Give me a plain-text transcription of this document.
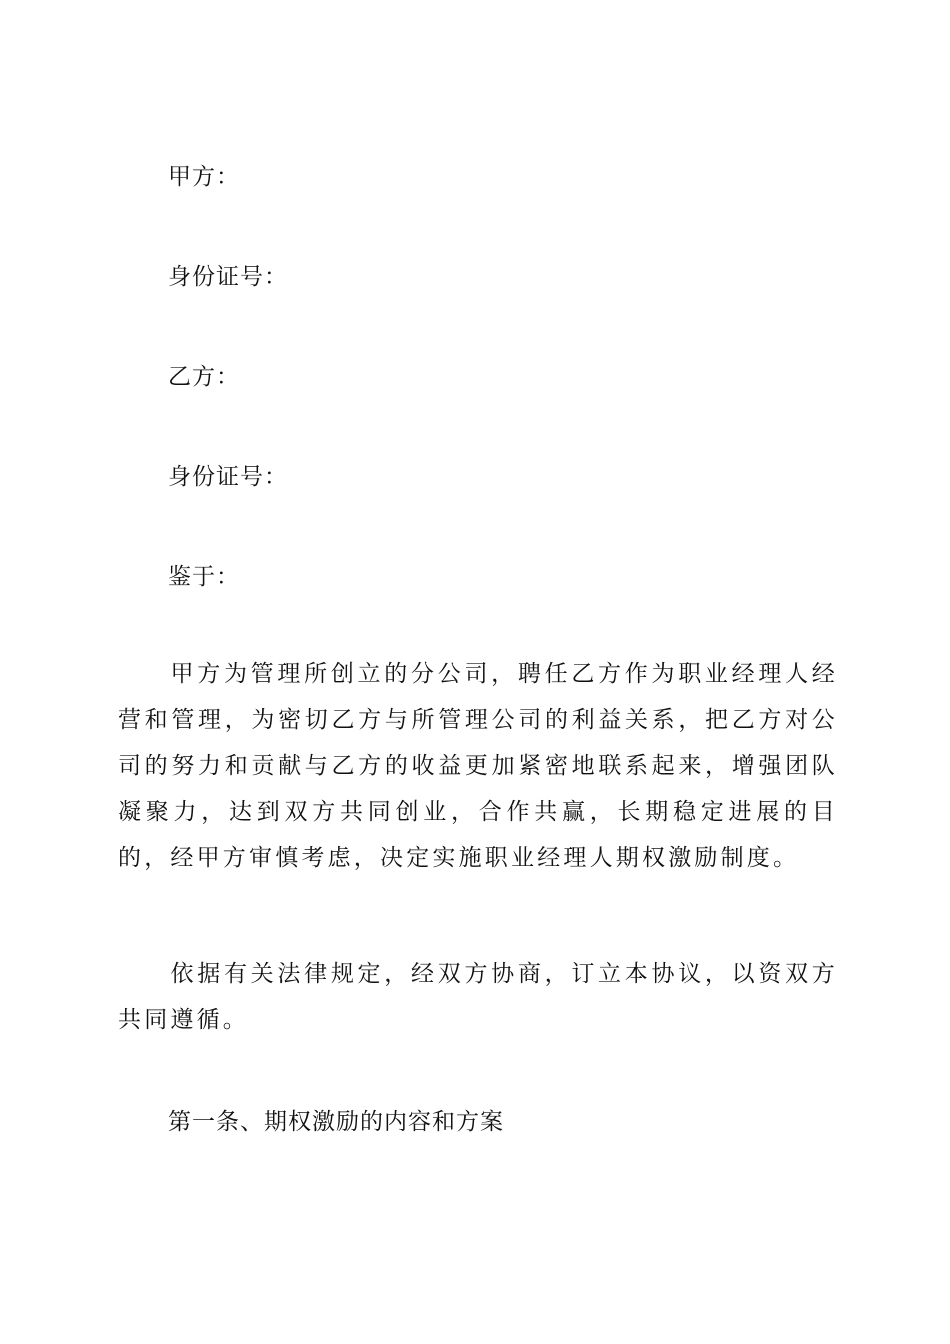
甲方：
身份证号：
乙方：
身份证号：
鉴于：
甲方为管理所创立的分公司，聘任乙方作为职业经理人经营和管理，为密切乙方与所管理公司的利益关系，把乙方对公司的努力和贡献与乙方的收益更加紧密地联系起来，增强团队凝聚力，达到双方共同创业，合作共赢，长期稳定进展的目的，经甲方审慎考虑，决定实施职业经理人期权激励制度。
依据有关法律规定，经双方协商，订立本协议，以资双方共同遵循。
第一条、期权激励的内容和方案
